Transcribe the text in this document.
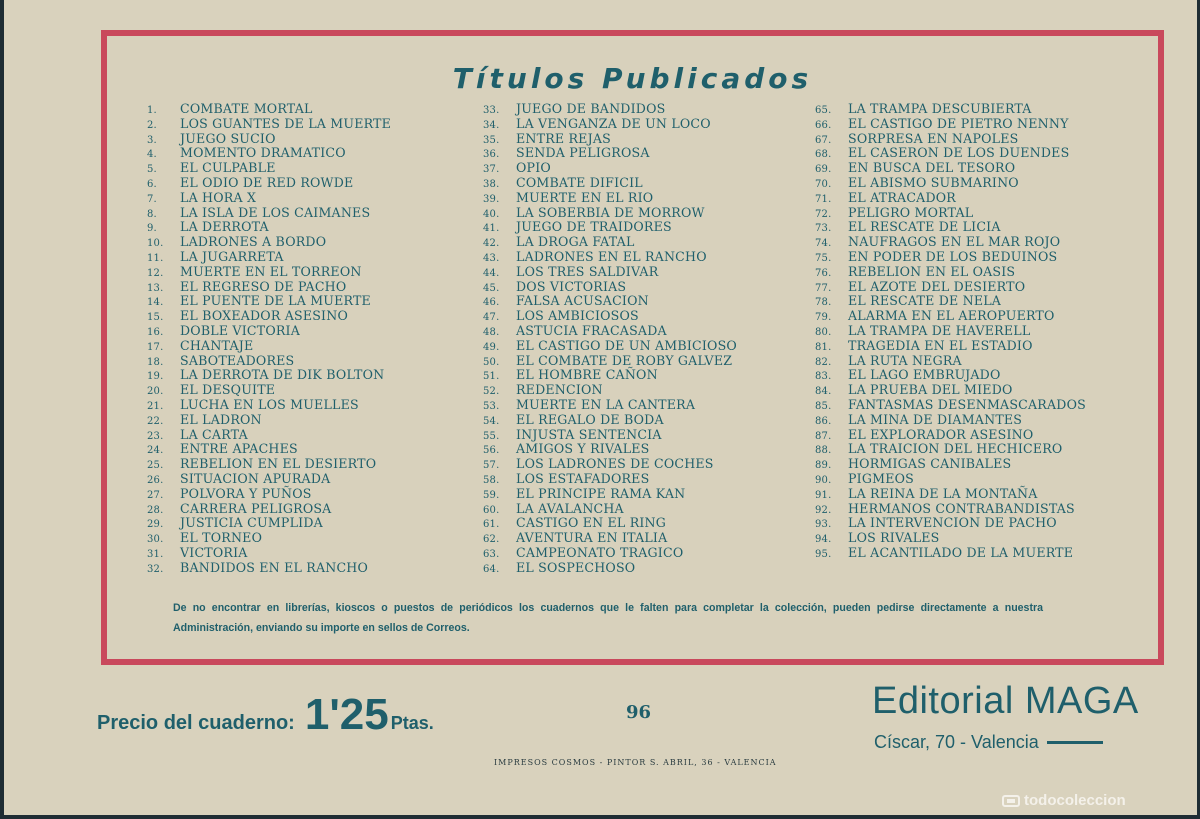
Títulos Publicados
1. COMBATE MORTAL
2. LOS GUANTES DE LA MUERTE
3. JUEGO SUCIO
4. MOMENTO DRAMATICO
5. EL CULPABLE
6. EL ODIO DE RED ROWDE
7. LA HORA X
8. LA ISLA DE LOS CAIMANES
9. LA DERROTA
10. LADRONES A BORDO
11. LA JUGARRETA
12. MUERTE EN EL TORREON
13. EL REGRESO DE PACHO
14. EL PUENTE DE LA MUERTE
15. EL BOXEADOR ASESINO
16. DOBLE VICTORIA
17. CHANTAJE
18. SABOTEADORES
19. LA DERROTA DE DIK BOLTON
20. EL DESQUITE
21. LUCHA EN LOS MUELLES
22. EL LADRON
23. LA CARTA
24. ENTRE APACHES
25. REBELION EN EL DESIERTO
26. SITUACION APURADA
27. POLVORA Y PUÑOS
28. CARRERA PELIGROSA
29. JUSTICIA CUMPLIDA
30. EL TORNEO
31. VICTORIA
32. BANDIDOS EN EL RANCHO
33. JUEGO DE BANDIDOS
34. LA VENGANZA DE UN LOCO
35. ENTRE REJAS
36. SENDA PELIGROSA
37. OPIO
38. COMBATE DIFICIL
39. MUERTE EN EL RIO
40. LA SOBERBIA DE MORROW
41. JUEGO DE TRAIDORES
42. LA DROGA FATAL
43. LADRONES EN EL RANCHO
44. LOS TRES SALDIVAR
45. DOS VICTORIAS
46. FALSA ACUSACION
47. LOS AMBICIOSOS
48. ASTUCIA FRACASADA
49. EL CASTIGO DE UN AMBICIOSO
50. EL COMBATE DE ROBY GALVEZ
51. EL HOMBRE CAÑON
52. REDENCION
53. MUERTE EN LA CANTERA
54. EL REGALO DE BODA
55. INJUSTA SENTENCIA
56. AMIGOS Y RIVALES
57. LOS LADRONES DE COCHES
58. LOS ESTAFADORES
59. EL PRINCIPE RAMA KAN
60. LA AVALANCHA
61. CASTIGO EN EL RING
62. AVENTURA EN ITALIA
63. CAMPEONATO TRAGICO
64. EL SOSPECHOSO
65. LA TRAMPA DESCUBIERTA
66. EL CASTIGO DE PIETRO NENNY
67. SORPRESA EN NAPOLES
68. EL CASERON DE LOS DUENDES
69. EN BUSCA DEL TESORO
70. EL ABISMO SUBMARINO
71. EL ATRACADOR
72. PELIGRO MORTAL
73. EL RESCATE DE LICIA
74. NAUFRAGOS EN EL MAR ROJO
75. EN PODER DE LOS BEDUINOS
76. REBELION EN EL OASIS
77. EL AZOTE DEL DESIERTO
78. EL RESCATE DE NELA
79. ALARMA EN EL AEROPUERTO
80. LA TRAMPA DE HAVERELL
81. TRAGEDIA EN EL ESTADIO
82. LA RUTA NEGRA
83. EL LAGO EMBRUJADO
84. LA PRUEBA DEL MIEDO
85. FANTASMAS DESENMASCARADOS
86. LA MINA DE DIAMANTES
87. EL EXPLORADOR ASESINO
88. LA TRAICION DEL HECHICERO
89. HORMIGAS CANIBALES
90. PIGMEOS
91. LA REINA DE LA MONTAÑA
92. HERMANOS CONTRABANDISTAS
93. LA INTERVENCION DE PACHO
94. LOS RIVALES
95. EL ACANTILADO DE LA MUERTE
De no encontrar en librerías, kioscos o puestos de periódicos los cuadernos que le falten para completar la colección, pueden pedirse directamente a nuestra Administración, enviando su importe en sellos de Correos.
Precio del cuaderno: 1'25 Ptas.	96	Editorial MAGA
Císcar, 70 - Valencia
IMPRESOS COSMOS - PINTOR S. ABRIL, 36 - VALENCIA
todocoleccion
